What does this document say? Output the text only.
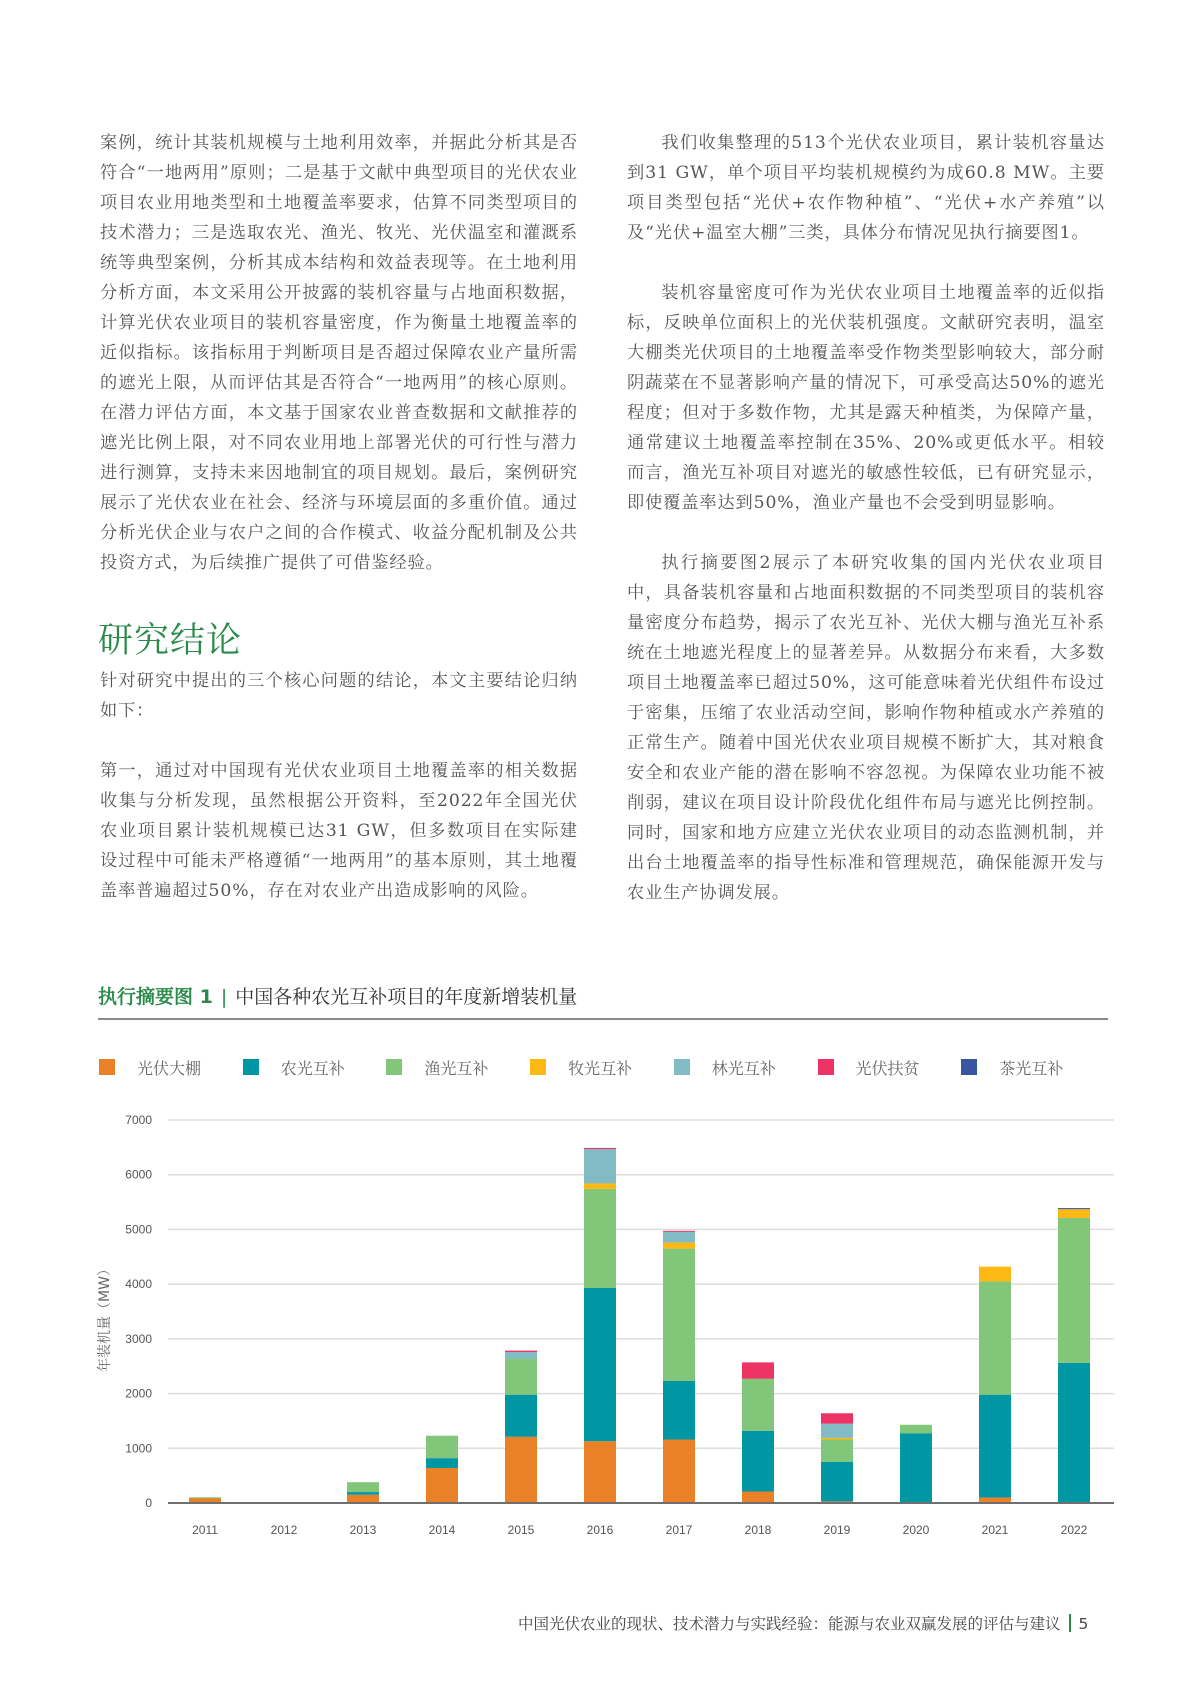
案例，统计其装机规模与土地利用效率，并据此分析其是否符合“一地两用”原则；二是基于文献中典型项目的光伏农业项目农业用地类型和土地覆盖率要求，估算不同类型项目的技术潜力；三是选取农光、渔光、牧光、光伏温室和灌溉系统等典型案例，分析其成本结构和效益表现等。在土地利用分析方面，本文采用公开披露的装机容量与占地面积数据，计算光伏农业项目的装机容量密度，作为衡量土地覆盖率的近似指标。该指标用于判断项目是否超过保障农业产量所需的遮光上限，从而评估其是否符合“一地两用”的核心原则。在潜力评估方面，本文基于国家农业普查数据和文献推荐的遮光比例上限，对不同农业用地上部署光伏的可行性与潜力进行测算，支持未来因地制宜的项目规划。最后，案例研究展示了光伏农业在社会、经济与环境层面的多重价值。通过分析光伏企业与农户之间的合作模式、收益分配机制及公共投资方式，为后续推广提供了可借鉴经验。

研究结论

针对研究中提出的三个核心问题的结论，本文主要结论归纳如下：

第一，通过对中国现有光伏农业项目土地覆盖率的相关数据收集与分析发现，虽然根据公开资料，至2022年全国光伏农业项目累计装机规模已达31 GW，但多数项目在实际建设过程中可能未严格遵循“一地两用”的基本原则，其土地覆盖率普遍超过50%，存在对农业产出造成影响的风险。

我们收集整理的513个光伏农业项目，累计装机容量达到31 GW，单个项目平均装机规模约为成60.8 MW。主要项目类型包括“光伏+农作物种植”、“光伏+水产养殖”以及“光伏+温室大棚”三类，具体分布情况见执行摘要图1。

装机容量密度可作为光伏农业项目土地覆盖率的近似指标，反映单位面积上的光伏装机强度。文献研究表明，温室大棚类光伏项目的土地覆盖率受作物类型影响较大，部分耐阴蔬菜在不显著影响产量的情况下，可承受高达50%的遮光程度；但对于多数作物，尤其是露天种植类，为保障产量，通常建议土地覆盖率控制在35%、20%或更低水平。相较而言，渔光互补项目对遮光的敏感性较低，已有研究显示，即使覆盖率达到50%，渔业产量也不会受到明显影响。

执行摘要图2展示了本研究收集的国内光伏农业项目中，具备装机容量和占地面积数据的不同类型项目的装机容量密度分布趋势，揭示了农光互补、光伏大棚与渔光互补系统在土地遮光程度上的显著差异。从数据分布来看，大多数项目土地覆盖率已超过50%，这可能意味着光伏组件布设过于密集，压缩了农业活动空间，影响作物种植或水产养殖的正常生产。随着中国光伏农业项目规模不断扩大，其对粮食安全和农业产能的潜在影响不容忽视。为保障农业功能不被削弱，建议在项目设计阶段优化组件布局与遮光比例控制。同时，国家和地方应建立光伏农业项目的动态监测机制，并出台土地覆盖率的指导性标准和管理规范，确保能源开发与农业生产协调发展。

执行摘要图 1 | 中国各种农光互补项目的年度新增装机量
光伏大棚	农光互补	渔光互补	牧光互补	林光互补	光伏扶贫	茶光互补
0
1000
2000
3000
4000
5000
6000
7000
2011	2012	2013	2014	2015	2016	2017	2018	2019	2020	2021	2022
年装机量（MW）
中国光伏农业的现状、技术潜力与实践经验：能源与农业双赢发展的评估与建议 5
